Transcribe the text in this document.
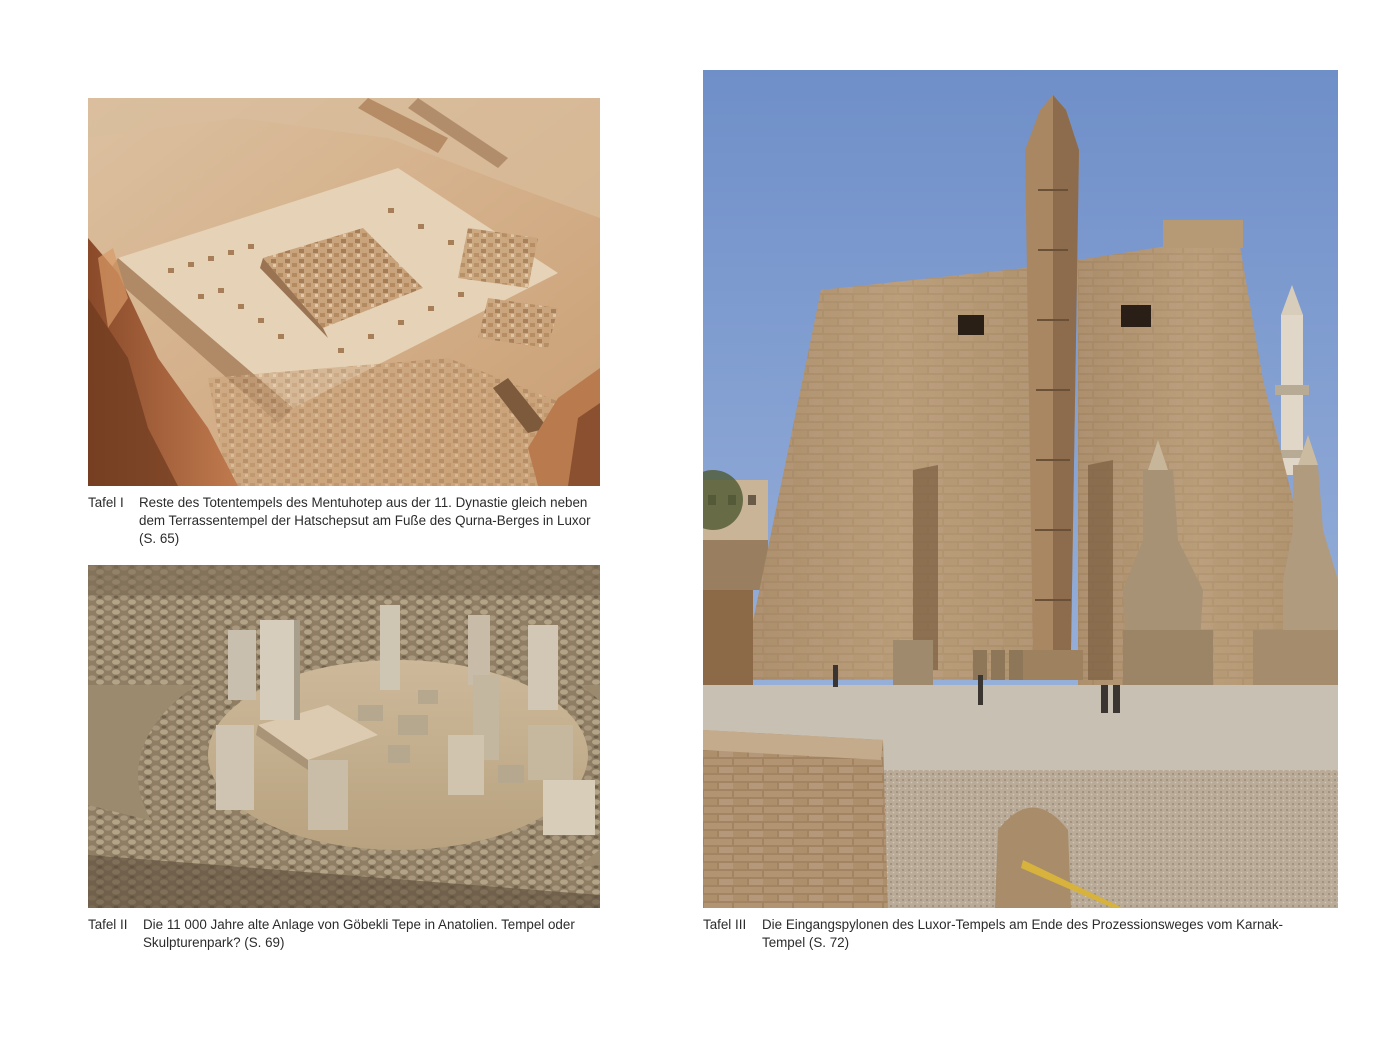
Tafel I	Reste des Totentempels des Mentuhotep aus der 11. Dynastie gleich neben dem Terrassentempel der Hatschepsut am Fuße des Qurna-Berges in Luxor (S. 65)
Tafel II	Die 11 000 Jahre alte Anlage von Göbekli Tepe in Anatolien. Tempel oder Skulpturenpark? (S. 69)
Tafel III	Die Eingangspylonen des Luxor-Tempels am Ende des Prozessionsweges vom Karnak-Tempel (S. 72)
